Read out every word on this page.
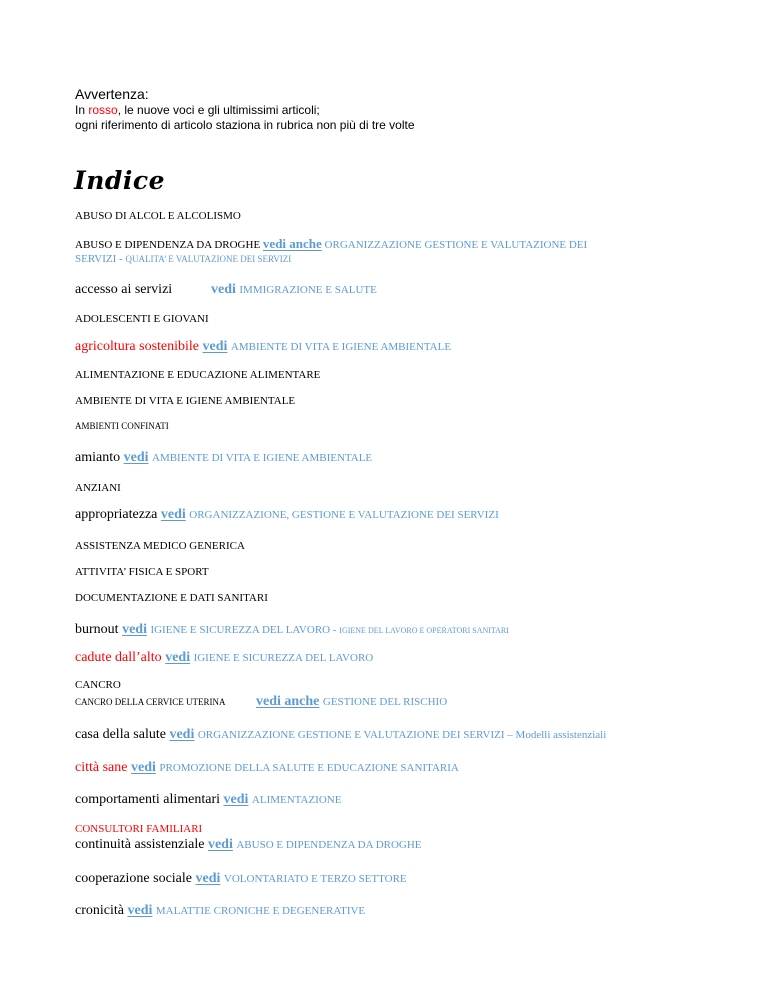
Avvertenza:
In rosso, le nuove voci e gli ultimissimi articoli;
ogni riferimento di articolo staziona in rubrica non più di tre volte
Indice
ABUSO DI ALCOL E ALCOLISMO
ABUSO E DIPENDENZA DA DROGHE vedi anche ORGANIZZAZIONE GESTIONE E VALUTAZIONE DEI
SERVIZI - QUALITA’ E VALUTAZIONE DEI SERVIZI
accesso ai servizi	vedi IMMIGRAZIONE E SALUTE
ADOLESCENTI E GIOVANI
agricoltura sostenibile vedi AMBIENTE DI VITA E IGIENE AMBIENTALE
ALIMENTAZIONE E EDUCAZIONE ALIMENTARE
AMBIENTE DI VITA E IGIENE AMBIENTALE
AMBIENTI CONFINATI
amianto vedi AMBIENTE DI VITA E IGIENE AMBIENTALE
ANZIANI
appropriatezza vedi ORGANIZZAZIONE, GESTIONE E VALUTAZIONE DEI SERVIZI
ASSISTENZA MEDICO GENERICA
ATTIVITA’ FISICA E SPORT
DOCUMENTAZIONE E DATI SANITARI
burnout vedi IGIENE E SICUREZZA DEL LAVORO - IGIENE DEL LAVORO E OPERATORI SANITARI
cadute dall’alto vedi IGIENE E SICUREZZA DEL LAVORO
CANCRO
CANCRO DELLA CERVICE UTERINA vedi anche GESTIONE DEL RISCHIO
casa della salute vedi ORGANIZZAZIONE GESTIONE E VALUTAZIONE DEI SERVIZI – Modelli assistenziali
città sane vedi PROMOZIONE DELLA SALUTE E EDUCAZIONE SANITARIA
comportamenti alimentari vedi ALIMENTAZIONE
CONSULTORI FAMILIARI
continuità assistenziale vedi ABUSO E DIPENDENZA DA DROGHE
cooperazione sociale vedi VOLONTARIATO E TERZO SETTORE
cronicità vedi MALATTIE CRONICHE E DEGENERATIVE
